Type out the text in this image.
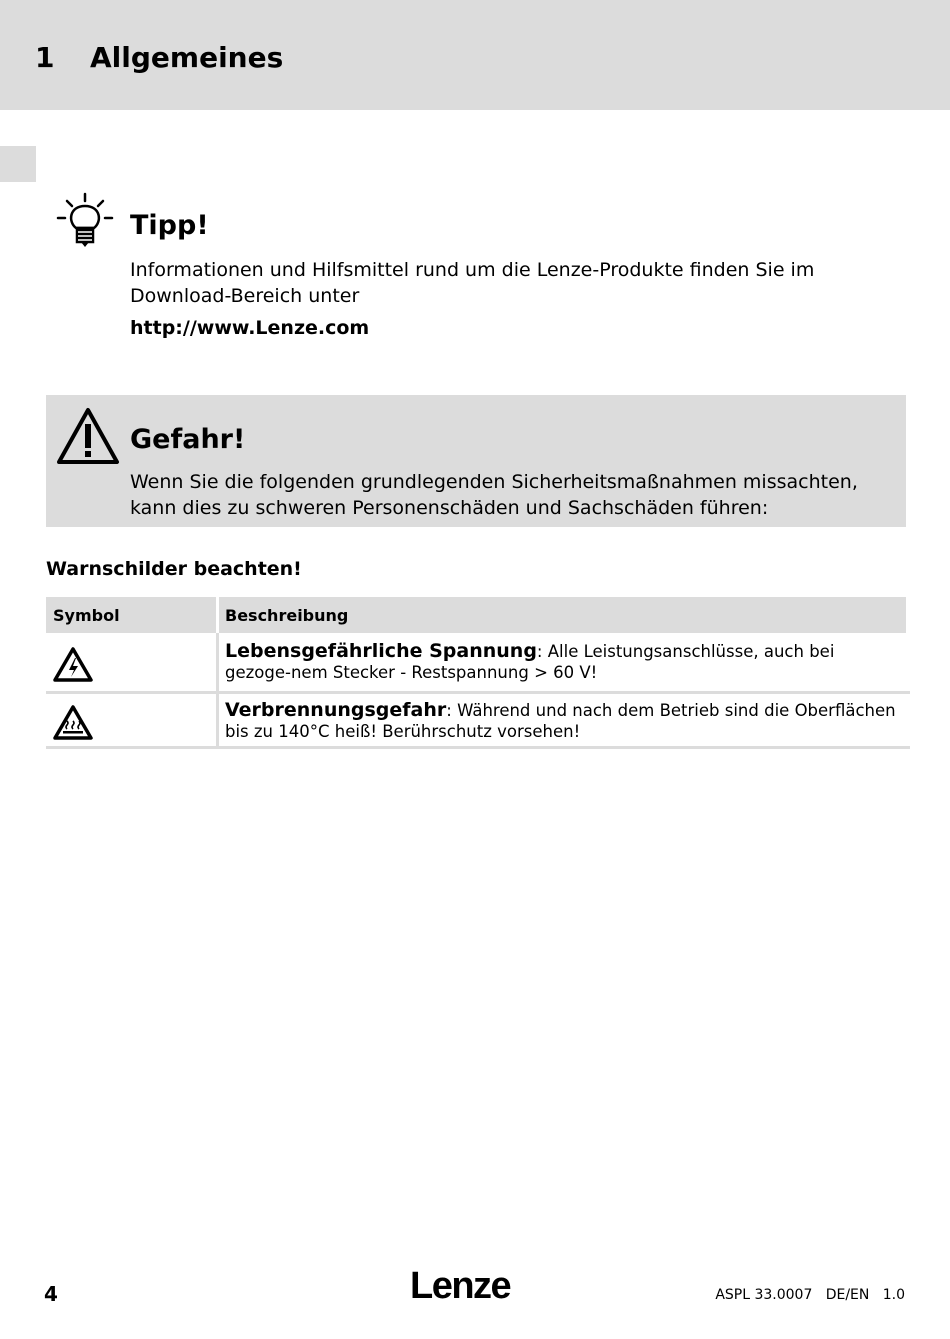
1 Allgemeines
Tipp!
Informationen und Hilfsmittel rund um die Lenze-Produkte finden Sie im Download-Bereich unter
http://www.Lenze.com
Gefahr!
Wenn Sie die folgenden grundlegenden Sicherheitsmaßnahmen missachten, kann dies zu schweren Personenschäden und Sachschäden führen:
Warnschilder beachten!
Symbol	Beschreibung
Lebensgefährliche Spannung: Alle Leistungsanschlüsse, auch bei gezoge-nem Stecker - Restspannung > 60 V!
Verbrennungsgefahr: Während und nach dem Betrieb sind die Oberflächen bis zu 140°C heiß! Berührschutz vorsehen!
4	Lenze	ASPL 33.0007   DE/EN   1.0
